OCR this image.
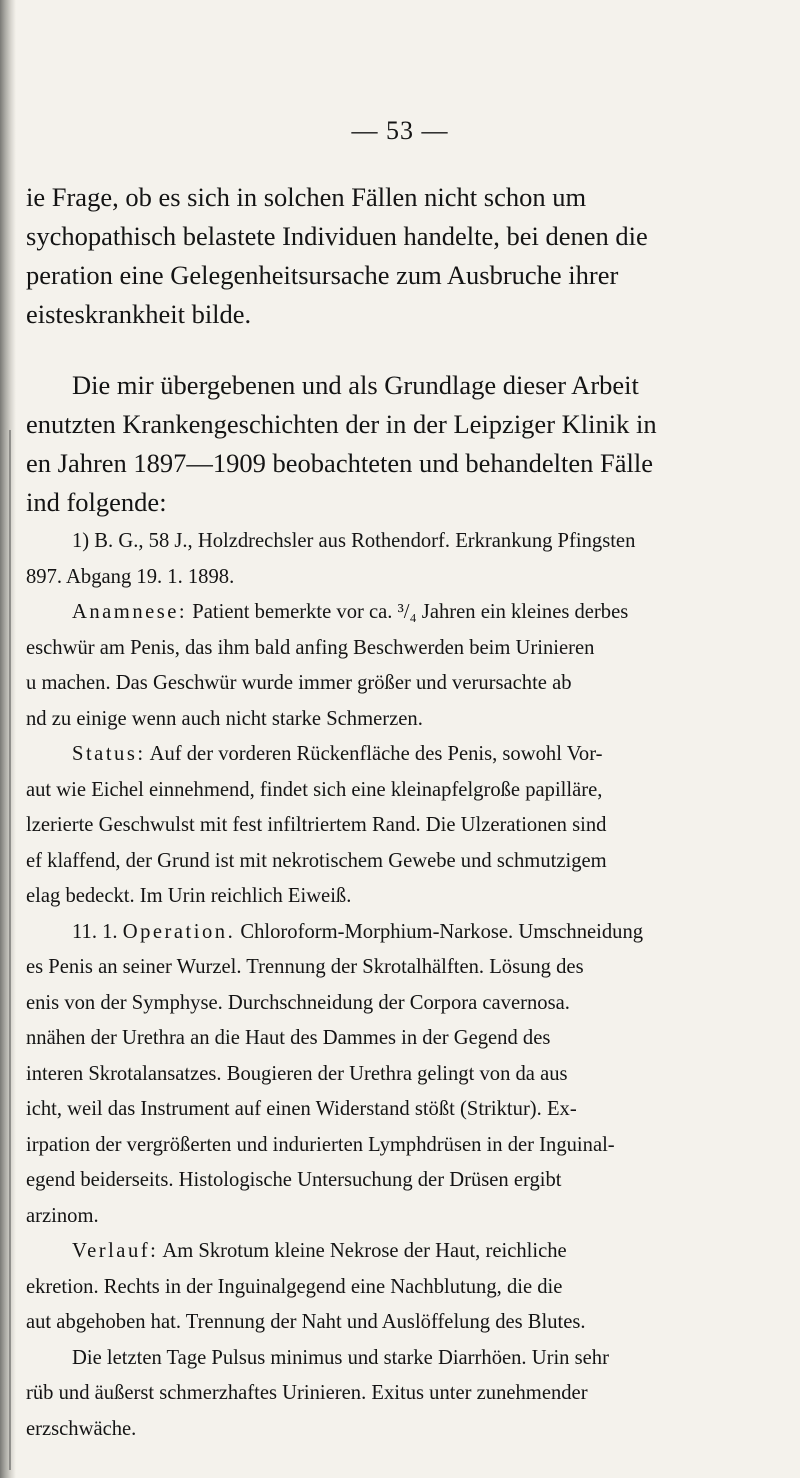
— 53 —
ie Frage, ob es sich in solchen Fällen nicht schon um
sychopathisch belastete Individuen handelte, bei denen die
peration eine Gelegenheitsursache zum Ausbruche ihrer
eisteskrankheit bilde.
Die mir übergebenen und als Grundlage dieser Arbeit
enutzten Krankengeschichten der in der Leipziger Klinik in
en Jahren 1897—1909 beobachteten und behandelten Fälle
ind folgende:
1) B. G., 58 J., Holzdrechsler aus Rothendorf. Erkrankung Pfingsten
897. Abgang 19. 1. 1898.
Anamnese: Patient bemerkte vor ca. ³/₄ Jahren ein kleines derbes
eschwür am Penis, das ihm bald anfing Beschwerden beim Urinieren
u machen. Das Geschwür wurde immer größer und verursachte ab
nd zu einige wenn auch nicht starke Schmerzen.
Status: Auf der vorderen Rückenfläche des Penis, sowohl Vor-
aut wie Eichel einnehmend, findet sich eine kleinapfelgroße papilläre,
lzerierte Geschwulst mit fest infiltriertem Rand. Die Ulzerationen sind
ef klaffend, der Grund ist mit nekrotischem Gewebe und schmutzigem
elag bedeckt. Im Urin reichlich Eiweiß.
11. 1. Operation. Chloroform-Morphium-Narkose. Umschneidung
es Penis an seiner Wurzel. Trennung der Skrotalhälften. Lösung des
enis von der Symphyse. Durchschneidung der Corpora cavernosa.
nnähen der Urethra an die Haut des Dammes in der Gegend des
interen Skrotalansatzes. Bougieren der Urethra gelingt von da aus
icht, weil das Instrument auf einen Widerstand stößt (Striktur). Ex-
irpation der vergrößerten und indurierten Lymphdrüsen in der Inguinal-
egend beiderseits. Histologische Untersuchung der Drüsen ergibt
arzinom.
Verlauf: Am Skrotum kleine Nekrose der Haut, reichliche
ekretion. Rechts in der Inguinalgegend eine Nachblutung, die die
aut abgehoben hat. Trennung der Naht und Auslöffelung des Blutes.
Die letzten Tage Pulsus minimus und starke Diarrhöen. Urin sehr
rüb und äußerst schmerzhaftes Urinieren. Exitus unter zunehmender
erzschwäche.
